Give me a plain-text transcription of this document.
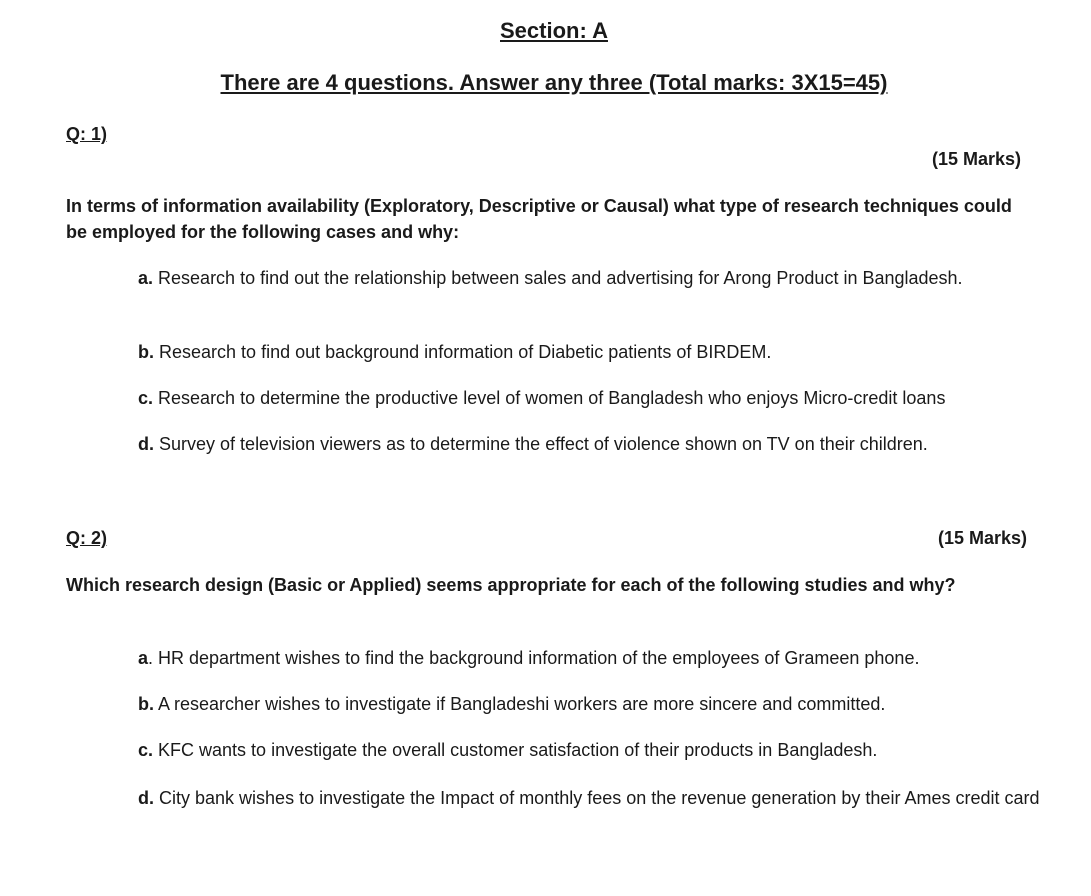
Section: A
There are 4 questions. Answer any three (Total marks: 3X15=45)
Q: 1)
(15 Marks)
In terms of information availability (Exploratory, Descriptive or Causal) what type of research techniques could be employed for the following cases and why:
a. Research to find out the relationship between sales and advertising for Arong Product in Bangladesh.
b. Research to find out background information of Diabetic patients of BIRDEM.
c. Research to determine the productive level of women of Bangladesh who enjoys Micro-credit loans
d. Survey of television viewers as to determine the effect of violence shown on TV on their children.
Q: 2)	(15 Marks)
Which research design (Basic or Applied) seems appropriate for each of the following studies and why?
a. HR department wishes to find the background information of the employees of Grameen phone.
b. A researcher wishes to investigate if Bangladeshi workers are more sincere and committed.
c. KFC wants to investigate the overall customer satisfaction of their products in Bangladesh.
d. City bank wishes to investigate the Impact of monthly fees on the revenue generation by their Ames credit card
